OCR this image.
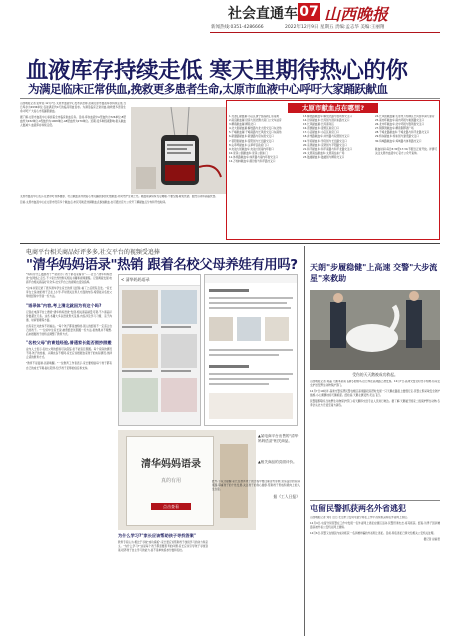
社会直通车 07 山西晚报
新闻热线:0351-4286666	2022年12月9日 星期五 责编:孟志华 美编:王丽翔
血液库存持续走低 寒天里期待热心的你
为满足临床正常供血,挽救更多患者生命,太原市血液中心呼吁大家踊跃献血

山西晚报记者 张梦茹 12月7日,太原市血液中心发布消息称,近期太原市血液库存持续走低,当日库存为2936单位,仅能满足约4天的临床用血需求。为满足临床正常供血,挽救更多患者生命,呼吁广大爱心市民踊跃献血。

据了解,太原市血液中心承担着全市临床供血任务。目前,库存血液中A型血约为726单位,B型血约为932单位,O型血约为1008单位,AB型血约为270单位。近期,受多种因素影响,街头献血人数减少,血液库存持续走低。

太原市血液中心表示,在此呼吁身体健康、符合献血条件的爱心市民踊跃参加无偿献血,共同守护生命之光。献血前请保持充足睡眠,不要空腹,避免饮酒、剧烈运动和高脂饮食。

目前,太原市血液中心在太原市设有多个献血点,市民可就近选择献血点参加献血,也可通过官方公众号了解献血点分布和开放时间。

太原市献血点在哪里?
1.龙潭汇献血屋:小店区康宁街高新汇东南角
2.南宫献血屋:迎泽大街北侧大南门公交车站旁
3.柳巷献血屋:柳巷北口
4.北大街献血屋:解放路与北大街交叉口东北角
5.千峰献血屋:千峰南路与长风街交叉口东南角
6.新建路献血车:新建路与府东街交叉口
7.晋阳街献血车:晋阳街与长治路交叉口
8.尖草坪献血车:尖草坪区政府门口
9.友谊大街献血车:友谊大街南内环街口
10.迎泽公园献血车:迎泽公园东门
11.体育路献血车:体育路与南内环街交叉口
12.万柏林献血车:漪汾街与和平路交叉口
13.解放路献血车:解放北路与胜利桥交叉口
14.汾河献血车:长风街与滨河东路交叉口
15.长风献血屋:长风商务区
16.晋源献血车:晋源区政府门口
17.小店献血车:小店区政府门口
18.并州路献血车:并州路与双塔街交叉口
19.学府献血车:学府街与长治路交叉口
20.亲贤献血车:亲贤街与平阳路交叉口
21.和平献血车:和平南路与和平北路交叉口
22.太原南站献血车:太原南站东广场
23.鼓楼献血车:鼓楼街与柳巷交叉口
24.长风街献血屋:太原市万柏林区长风街华润大厦旁
25.南内环献血车:南内环街与桃园路交叉口
26.北中环献血车:北中环街与胜利街交叉口
27.铜锣湾献血车:柳巷铜锣湾广场
28.千峰北路献血车:千峰北路与和平北路交叉口
29.桥东献血车:桥东街与建设路交叉口
30.坞城路献血车:坞城路与体育路交叉口

献血时间:每日8:30至17:30,节假日正常开放。详情可关注太原市血液中心官方公众号查询。
电商平台相关商品好评多多,社交平台的视频受追捧
"清华妈妈语录"热销 跟着名校父母养娃有用吗?

"妈妈为什么鼓励孩子""爸爸为了孩子都在家看书"……近日,"清华妈妈语录"在网络上走红,不少家长纷纷购买相关书籍和视频课程。记者调查发现,电商平台相关商品好评众多,社交平台上的视频也受到追捧。

"这本书里记录了很多清华学生家长的育儿经验,看了之后很有启发。"家长李女士说,她的孩子正在上小学,平时很关注育儿方面的内容,希望能从名校父母的经验中学到一些方法。

"语录体"内容,考上清北就因为有这个吗?

记者在电商平台上搜索"清华妈妈语录"发现,相关商品销量可观,不少商品评价数超过万条。这些书籍大多以语录形式呈现,内容涉及学习习惯、亲子沟通、时间管理等方面。

也有家长对此持不同看法。"每个孩子都是独特的,别人的经验不一定适合自己的孩子。"一位初中生家长说,她曾经尝试照搬一些方法,但效果并不理想,后来根据孩子的特点调整了教育方式。

"名校父母"的育娃经验,普通家长能否照抄照搬

业内人士表示,名校父母的经验可以借鉴,但不能盲目照搬。每个家庭的情况不同,孩子的性格、兴趣也各不相同,家长应该根据自家孩子的实际情况,选择合适的教育方式。

"教育不是复制,而是唤醒。"一位教育工作者表示,家长要相信每个孩子都有自己的成长节奏,耐心陪伴,给予孩子足够的信任和支持。

< 清华妈妈语录
清华妈妈语录
真的有用
点击查看
▲某电商平台出售的"清华妈妈语录"相关商品。
▲相关商品的页面评价。
为什么学习?"家长应该帮助孩子寻找答案"

教育专家认为,相比于寻找"成功模板",家长更应该帮助孩子找到学习的动力和意义。"为什么学习?"这是每个孩子都需要思考的问题,家长应该引导孩子寻找答案,培养孩子自主学习的能力,而不是单纯追求分数和名校。

此外,专家还提醒,家长在教育孩子的过程中要注重言传身教,营造良好的家庭氛围,尊重孩子的个性发展,关注孩子的身心健康,帮助孩子形成积极向上的人生态度。

据《工人日报》
天朗"步履稳健"上高速 交警"大步流星"来救助
受伤的天天鹅被成功救起。

山西晚报记者 郭晶 天鹅本是南飞越冬的候鸟,近日却在高速路上被发现。12月7日,高速交警及时出手相救,将其安全护送至野生动物保护部门。

12月7日10时许,高速交警巡逻民警在辖区高速路段巡逻时发现一只天鹅在路面上缓慢行走,民警立即采取安全防护措施,小心翼翼地将天鹅抱起。经检查,天鹅左翼受伤,无法飞行。

民警随即联系当地野生动物保护部门,将天鹅移交给专业人员进行救治。据了解,天鹅属于国家二级保护野生动物,冬季会从北方迁徙至南方越冬。

屯留民警抓获两名外省逃犯

山西晚报记者 刘月 近日,长治市公安局屯留分局在工作中,连续抓获两名外省网上逃犯。

12月4日,屯留分局民警在工作中发现一名外省网上逃犯在辖区活动,民警迅速出击,将其抓获。经查,该男子因涉嫌盗窃被外省公安机关网上通缉。

12月6日,民警又在辖区内成功抓获一名涉嫌诈骗的外省网上逃犯。目前,两名逃犯已移交给相关公安机关处理。

据记者 赵丽君
